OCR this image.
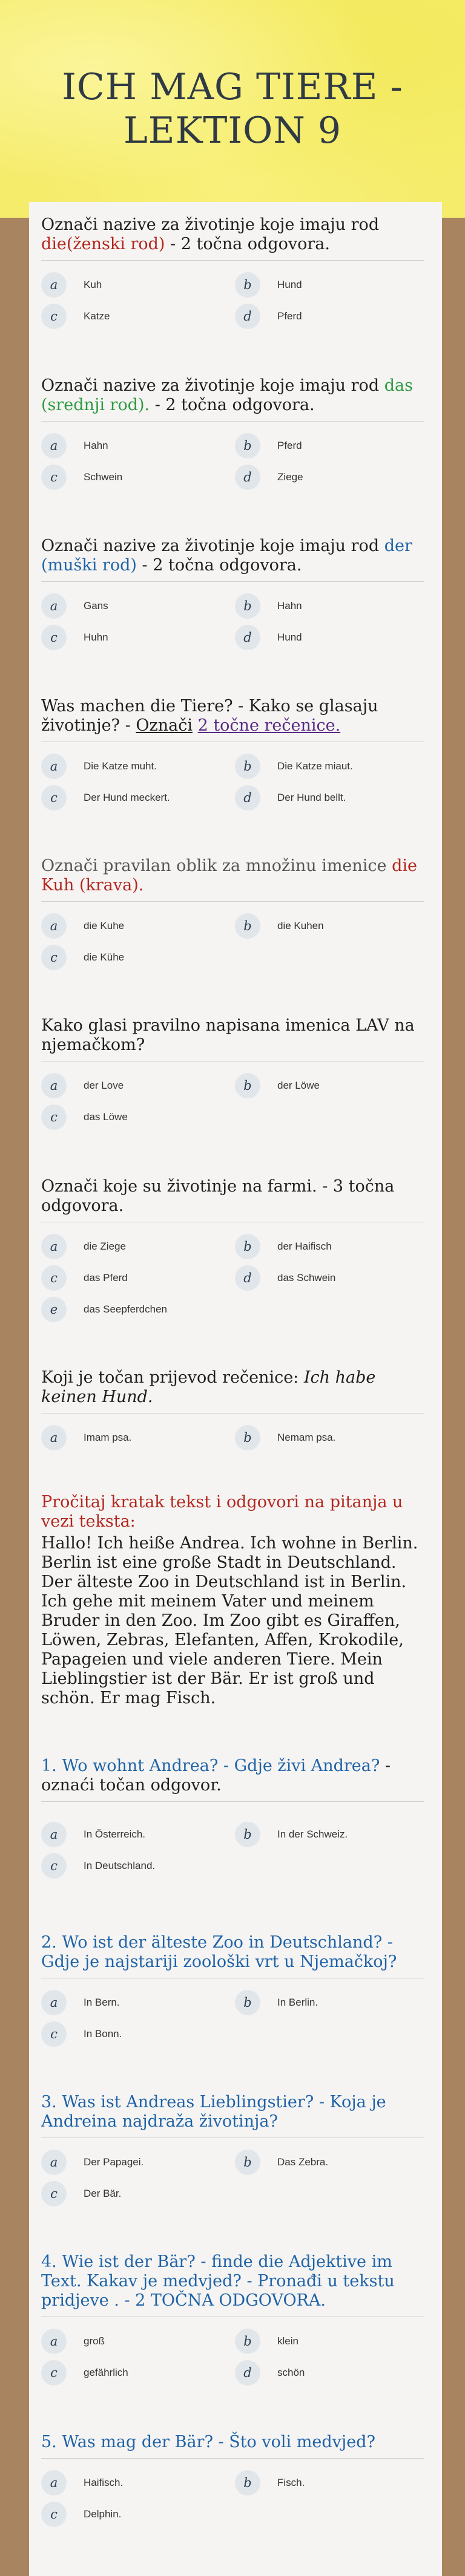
ICH MAG TIERE -
LEKTION 9
Označi nazive za životinje koje imaju rod
die(ženski rod) - 2 točna odgovora.
a	Kuh	b	Hund
c	Katze	d	Pferd
Označi nazive za životinje koje imaju rod das (srednji rod). - 2 točna odgovora.
a	Hahn	b	Pferd
c	Schwein	d	Ziege
Označi nazive za životinje koje imaju rod der (muški rod) - 2 točna odgovora.
a	Gans	b	Hahn
c	Huhn	d	Hund
Was machen die Tiere? - Kako se glasaju životinje? - Označi 2 točne rečenice.
a	Die Katze muht.	b	Die Katze miaut.
c	Der Hund meckert.	d	Der Hund bellt.
Označi pravilan oblik za množinu imenice die Kuh (krava).
a	die Kuhe	b	die Kuhen
c	die Kühe
Kako glasi pravilno napisana imenica LAV na njemačkom?
a	der Love	b	der Löwe
c	das Löwe
Označi koje su životinje na farmi. - 3 točna odgovora.
a	die Ziege	b	der Haifisch
c	das Pferd	d	das Schwein
e	das Seepferdchen
Koji je točan prijevod rečenice: Ich habe keinen Hund.
a	Imam psa.	b	Nemam psa.
Pročitaj kratak tekst i odgovori na pitanja u vezi teksta:
Hallo! Ich heiße Andrea. Ich wohne in Berlin. Berlin ist eine große Stadt in Deutschland. Der älteste Zoo in Deutschland ist in Berlin. Ich gehe mit meinem Vater und meinem Bruder in den Zoo. Im Zoo gibt es Giraffen, Löwen, Zebras, Elefanten, Affen, Krokodile, Papageien und viele anderen Tiere. Mein Lieblingstier ist der Bär. Er ist groß und schön. Er mag Fisch.
1. Wo wohnt Andrea? - Gdje živi Andrea? - oznaći točan odgovor.
a	In Österreich.	b	In der Schweiz.
c	In Deutschland.
2. Wo ist der älteste Zoo in Deutschland? - Gdje je najstariji zoološki vrt u Njemačkoj?
a	In Bern.	b	In Berlin.
c	In Bonn.
3. Was ist Andreas Lieblingstier? - Koja je Andreina najdraža životinja?
a	Der Papagei.	b	Das Zebra.
c	Der Bär.
4. Wie ist der Bär? - finde die Adjektive im Text. Kakav je medvjed? - Pronađi u tekstu pridjeve . - 2 TOČNA ODGOVORA.
a	groß	b	klein
c	gefährlich	d	schön
5. Was mag der Bär? - Što voli medvjed?
a	Haifisch.	b	Fisch.
c	Delphin.
